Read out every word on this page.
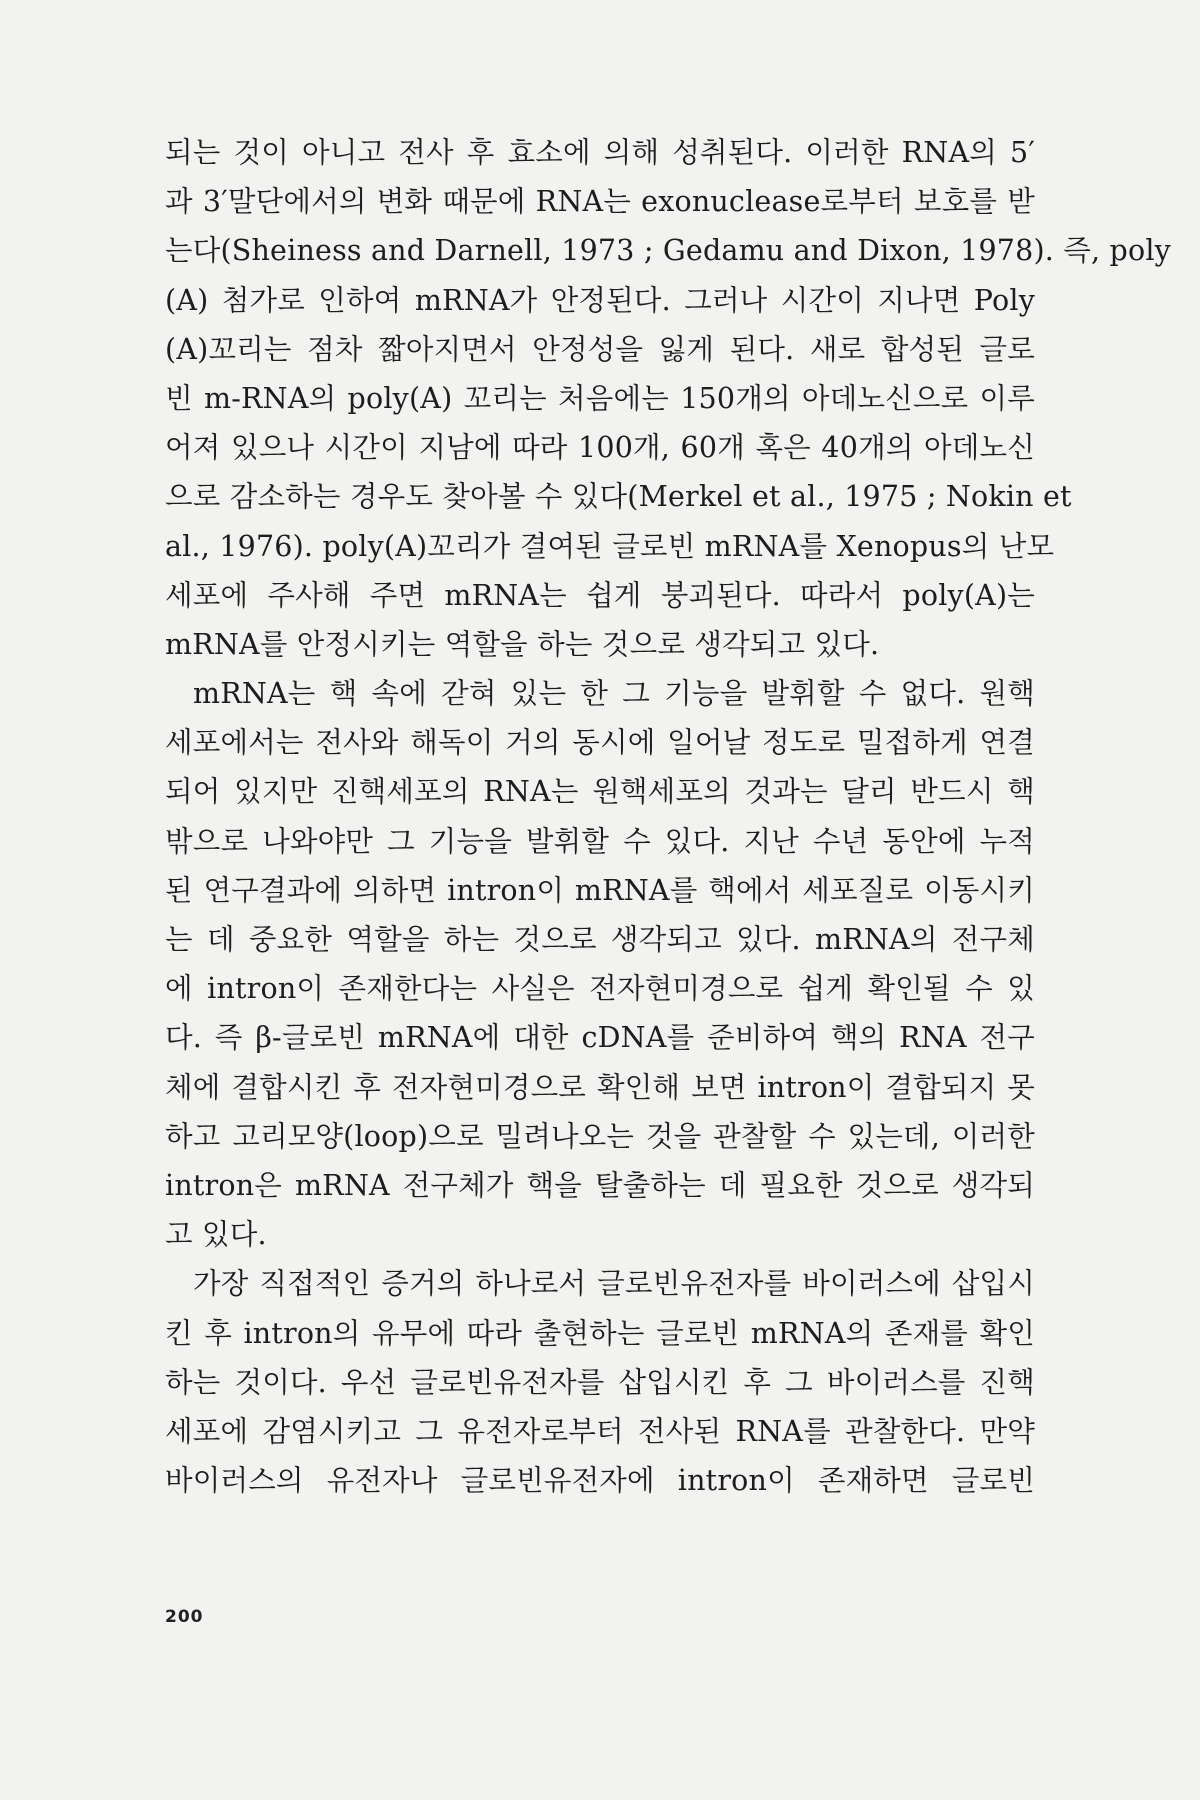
되는 것이 아니고 전사 후 효소에 의해 성취된다. 이러한 RNA의 5′
과 3′말단에서의 변화 때문에 RNA는 exonuclease로부터 보호를 받
는다(Sheiness and Darnell, 1973 ; Gedamu and Dixon, 1978). 즉, poly
(A) 첨가로 인하여 mRNA가 안정된다. 그러나 시간이 지나면 Poly
(A)꼬리는 점차 짧아지면서 안정성을 잃게 된다. 새로 합성된 글로
빈 m-RNA의 poly(A) 꼬리는 처음에는 150개의 아데노신으로 이루
어져 있으나 시간이 지남에 따라 100개, 60개 혹은 40개의 아데노신
으로 감소하는 경우도 찾아볼 수 있다(Merkel et al., 1975 ; Nokin et
al., 1976). poly(A)꼬리가 결여된 글로빈 mRNA를 Xenopus의 난모
세포에 주사해 주면 mRNA는 쉽게 붕괴된다. 따라서 poly(A)는
mRNA를 안정시키는 역할을 하는 것으로 생각되고 있다.
mRNA는 핵 속에 갇혀 있는 한 그 기능을 발휘할 수 없다. 원핵
세포에서는 전사와 해독이 거의 동시에 일어날 정도로 밀접하게 연결
되어 있지만 진핵세포의 RNA는 원핵세포의 것과는 달리 반드시 핵
밖으로 나와야만 그 기능을 발휘할 수 있다. 지난 수년 동안에 누적
된 연구결과에 의하면 intron이 mRNA를 핵에서 세포질로 이동시키
는 데 중요한 역할을 하는 것으로 생각되고 있다. mRNA의 전구체
에 intron이 존재한다는 사실은 전자현미경으로 쉽게 확인될 수 있
다. 즉 β-글로빈 mRNA에 대한 cDNA를 준비하여 핵의 RNA 전구
체에 결합시킨 후 전자현미경으로 확인해 보면 intron이 결합되지 못
하고 고리모양(loop)으로 밀려나오는 것을 관찰할 수 있는데, 이러한
intron은 mRNA 전구체가 핵을 탈출하는 데 필요한 것으로 생각되
고 있다.
가장 직접적인 증거의 하나로서 글로빈유전자를 바이러스에 삽입시
킨 후 intron의 유무에 따라 출현하는 글로빈 mRNA의 존재를 확인
하는 것이다. 우선 글로빈유전자를 삽입시킨 후 그 바이러스를 진핵
세포에 감염시키고 그 유전자로부터 전사된 RNA를 관찰한다. 만약
바이러스의 유전자나 글로빈유전자에 intron이 존재하면 글로빈
200
